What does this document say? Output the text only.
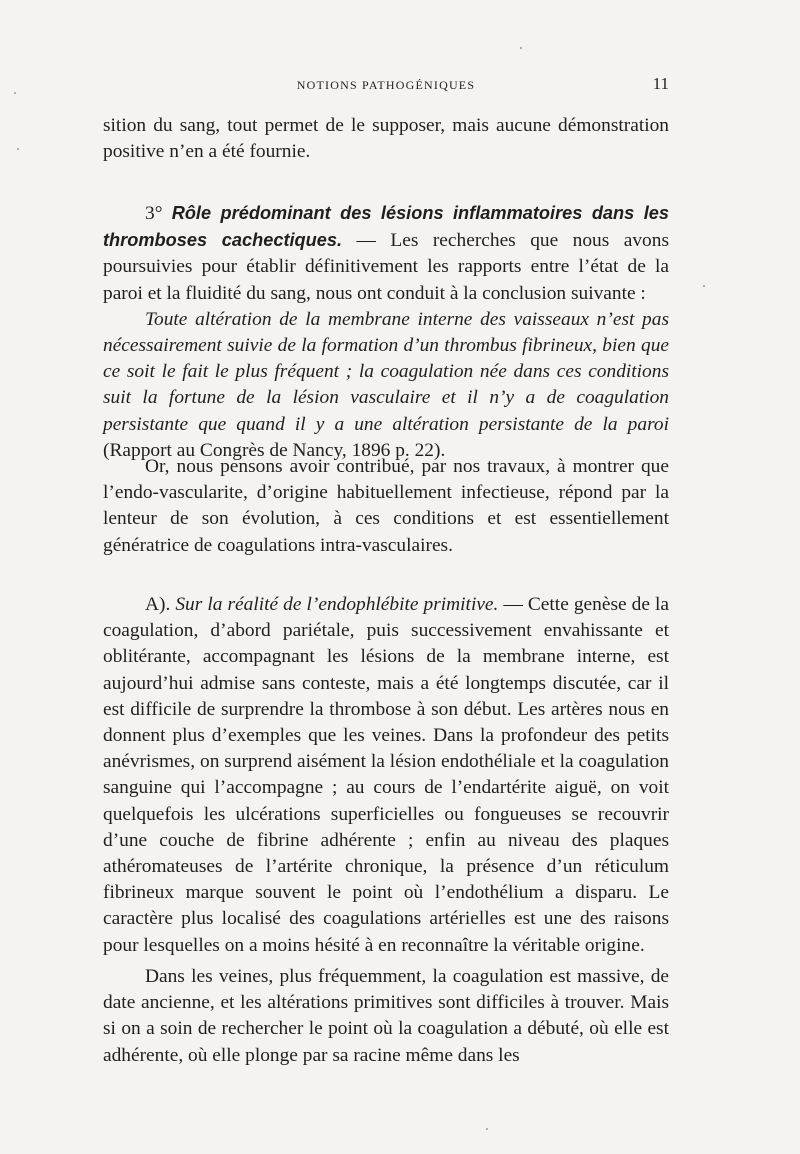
NOTIONS PATHOGÉNIQUES	11

sition du sang, tout permet de le supposer, mais aucune démonstration positive n’en a été fournie.

3° Rôle prédominant des lésions inflammatoires dans les thromboses cachectiques. — Les recherches que nous avons poursuivies pour établir définitivement les rapports entre l’état de la paroi et la fluidité du sang, nous ont conduit à la conclusion suivante :

Toute altération de la membrane interne des vaisseaux n’est pas nécessairement suivie de la formation d’un thrombus fibrineux, bien que ce soit le fait le plus fréquent ; la coagulation née dans ces conditions suit la fortune de la lésion vasculaire et il n’y a de coagulation persistante que quand il y a une altération persistante de la paroi (Rapport au Congrès de Nancy, 1896 p. 22).

Or, nous pensons avoir contribué, par nos travaux, à montrer que l’endo-vascularite, d’origine habituellement infectieuse, répond par la lenteur de son évolution, à ces conditions et est essentiellement génératrice de coagulations intra-vasculaires.

A). Sur la réalité de l’endophlébite primitive. — Cette genèse de la coagulation, d’abord pariétale, puis successivement envahissante et oblitérante, accompagnant les lésions de la membrane interne, est aujourd’hui admise sans conteste, mais a été longtemps discutée, car il est difficile de surprendre la thrombose à son début. Les artères nous en donnent plus d’exemples que les veines. Dans la profondeur des petits anévrismes, on surprend aisément la lésion endothéliale et la coagulation sanguine qui l’accompagne ; au cours de l’endartérite aiguë, on voit quelquefois les ulcérations superficielles ou fongueuses se recouvrir d’une couche de fibrine adhérente ; enfin au niveau des plaques athéromateuses de l’artérite chronique, la présence d’un réticulum fibrineux marque souvent le point où l’endothélium a disparu. Le caractère plus localisé des coagulations artérielles est une des raisons pour lesquelles on a moins hésité à en reconnaître la véritable origine.

Dans les veines, plus fréquemment, la coagulation est massive, de date ancienne, et les altérations primitives sont difficiles à trouver. Mais si on a soin de rechercher le point où la coagulation a débuté, où elle est adhérente, où elle plonge par sa racine même dans les
